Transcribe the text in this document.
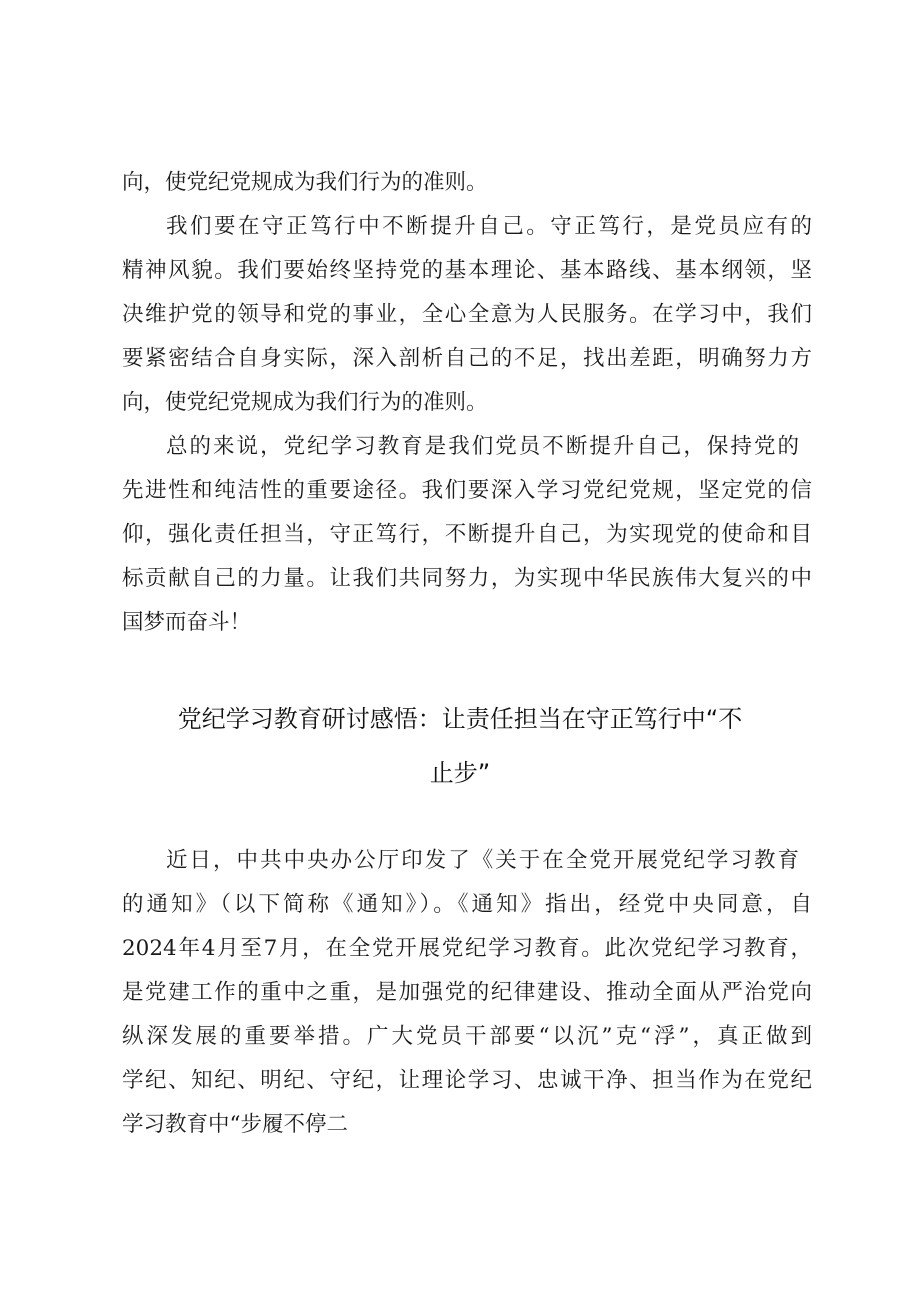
向，使党纪党规成为我们行为的准则。
我们要在守正笃行中不断提升自己。守正笃行，是党员应有的
精神风貌。我们要始终坚持党的基本理论、基本路线、基本纲领，坚
决维护党的领导和党的事业，全心全意为人民服务。在学习中，我们
要紧密结合自身实际，深入剖析自己的不足，找出差距，明确努力方
向，使党纪党规成为我们行为的准则。
总的来说，党纪学习教育是我们党员不断提升自己，保持党的
先进性和纯洁性的重要途径。我们要深入学习党纪党规，坚定党的信
仰，强化责任担当，守正笃行，不断提升自己，为实现党的使命和目
标贡献自己的力量。让我们共同努力，为实现中华民族伟大复兴的中
国梦而奋斗！
党纪学习教育研讨感悟：让责任担当在守正笃行中“不
止步”
近日，中共中央办公厅印发了《关于在全党开展党纪学习教育
的通知》（以下简称《通知》）。《通知》指出，经党中央同意，自
2024年4月至7月，在全党开展党纪学习教育。此次党纪学习教育，
是党建工作的重中之重，是加强党的纪律建设、推动全面从严治党向
纵深发展的重要举措。广大党员干部要“以沉”克“浮”，真正做到
学纪、知纪、明纪、守纪，让理论学习、忠诚干净、担当作为在党纪
学习教育中“步履不停二
